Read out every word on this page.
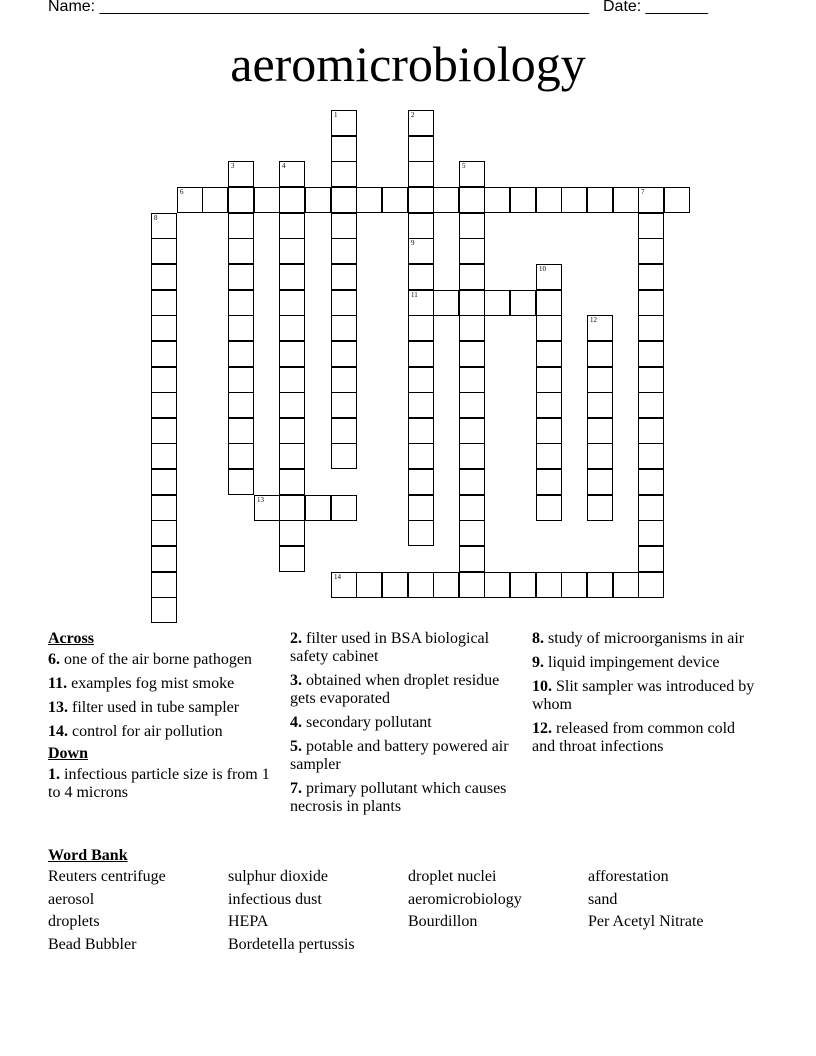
Name: _______________________________________________________ Date: _______
aeromicrobiology
1	2
3	4	5
6	7
8
9
11
10
12
13
14
Across
6. one of the air borne pathogen
11. examples fog mist smoke
13. filter used in tube sampler
14. control for air pollution
Down
1. infectious particle size is from 1 to 4 microns
2. filter used in BSA biological safety cabinet
3. obtained when droplet residue gets evaporated
4. secondary pollutant
5. potable and battery powered air sampler
7. primary pollutant which causes necrosis in plants
8. study of microorganisms in air
9. liquid impingement device
10. Slit sampler was introduced by whom
12. released from common cold and throat infections
Word Bank
Reuters centrifuge	sulphur dioxide	droplet nuclei	afforestation
aerosol	infectious dust	aeromicrobiology	sand
droplets	HEPA	Bourdillon	Per Acetyl Nitrate
Bead Bubbler	Bordetella pertussis
